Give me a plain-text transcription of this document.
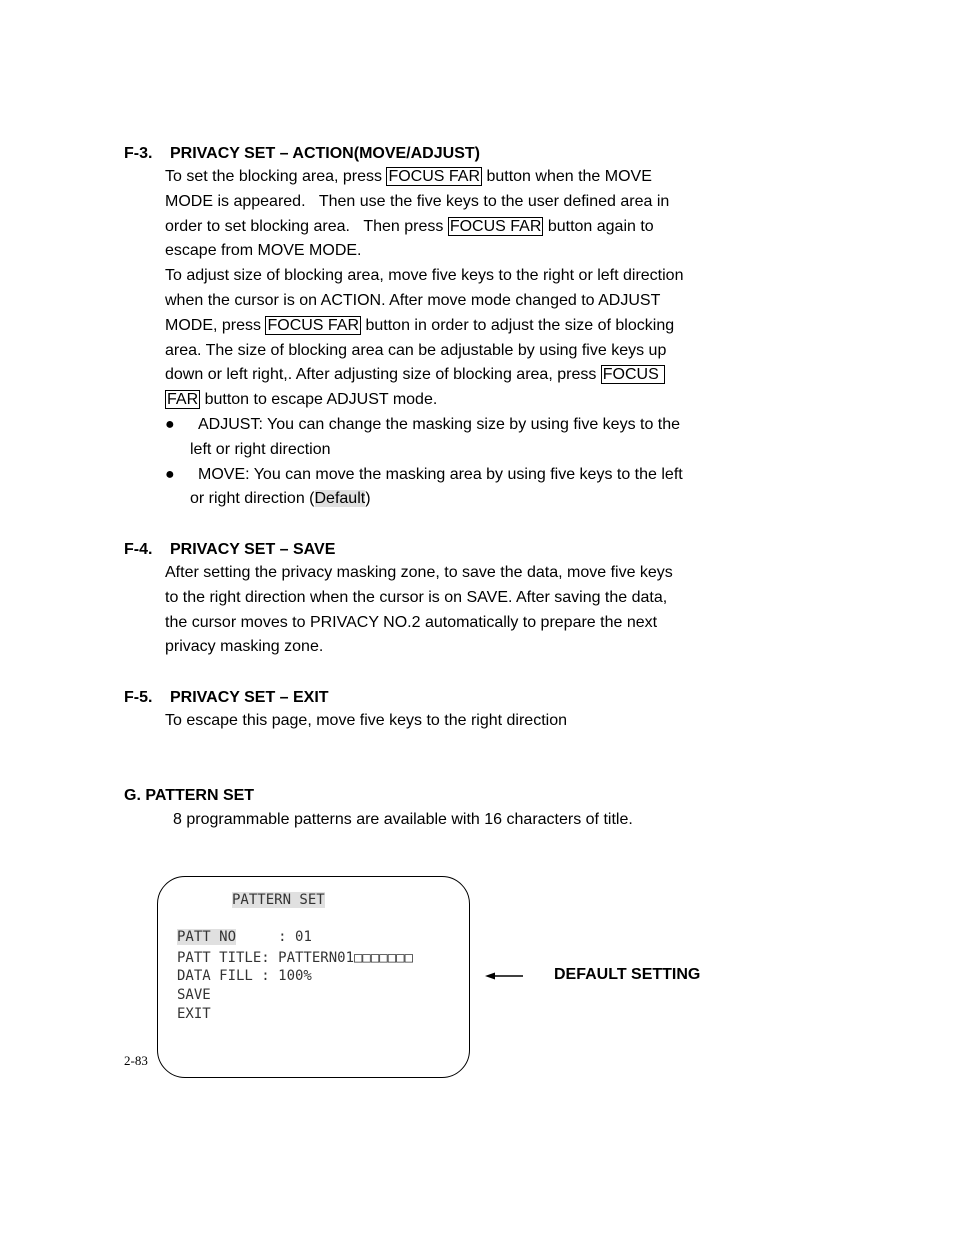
F-3. PRIVACY SET – ACTION(MOVE/ADJUST)
To set the blocking area, press FOCUS FAR button when the MOVE
MODE is appeared.   Then use the five keys to the user defined area in
order to set blocking area.   Then press FOCUS FAR button again to
escape from MOVE MODE.
To adjust size of blocking area, move five keys to the right or left direction
when the cursor is on ACTION. After move mode changed to ADJUST
MODE, press FOCUS FAR button in order to adjust the size of blocking
area. The size of blocking area can be adjustable by using five keys up
down or left right,. After adjusting size of blocking area, press FOCUS
FAR button to escape ADJUST mode.
●	ADJUST: You can change the masking size by using five keys to the
left or right direction
●	MOVE: You can move the masking area by using five keys to the left
or right direction (Default)
F-4. PRIVACY SET – SAVE
After setting the privacy masking zone, to save the data, move five keys
to the right direction when the cursor is on SAVE. After saving the data,
the cursor moves to PRIVACY NO.2 automatically to prepare the next
privacy masking zone.
F-5. PRIVACY SET – EXIT
To escape this page, move five keys to the right direction
G. PATTERN SET
8 programmable patterns are available with 16 characters of title.
PATTERN SET
PATT NO     : 01
PATT TITLE: PATTERN01□□□□□□□
DATA FILL : 100%
SAVE
EXIT
2-83
DEFAULT SETTING
